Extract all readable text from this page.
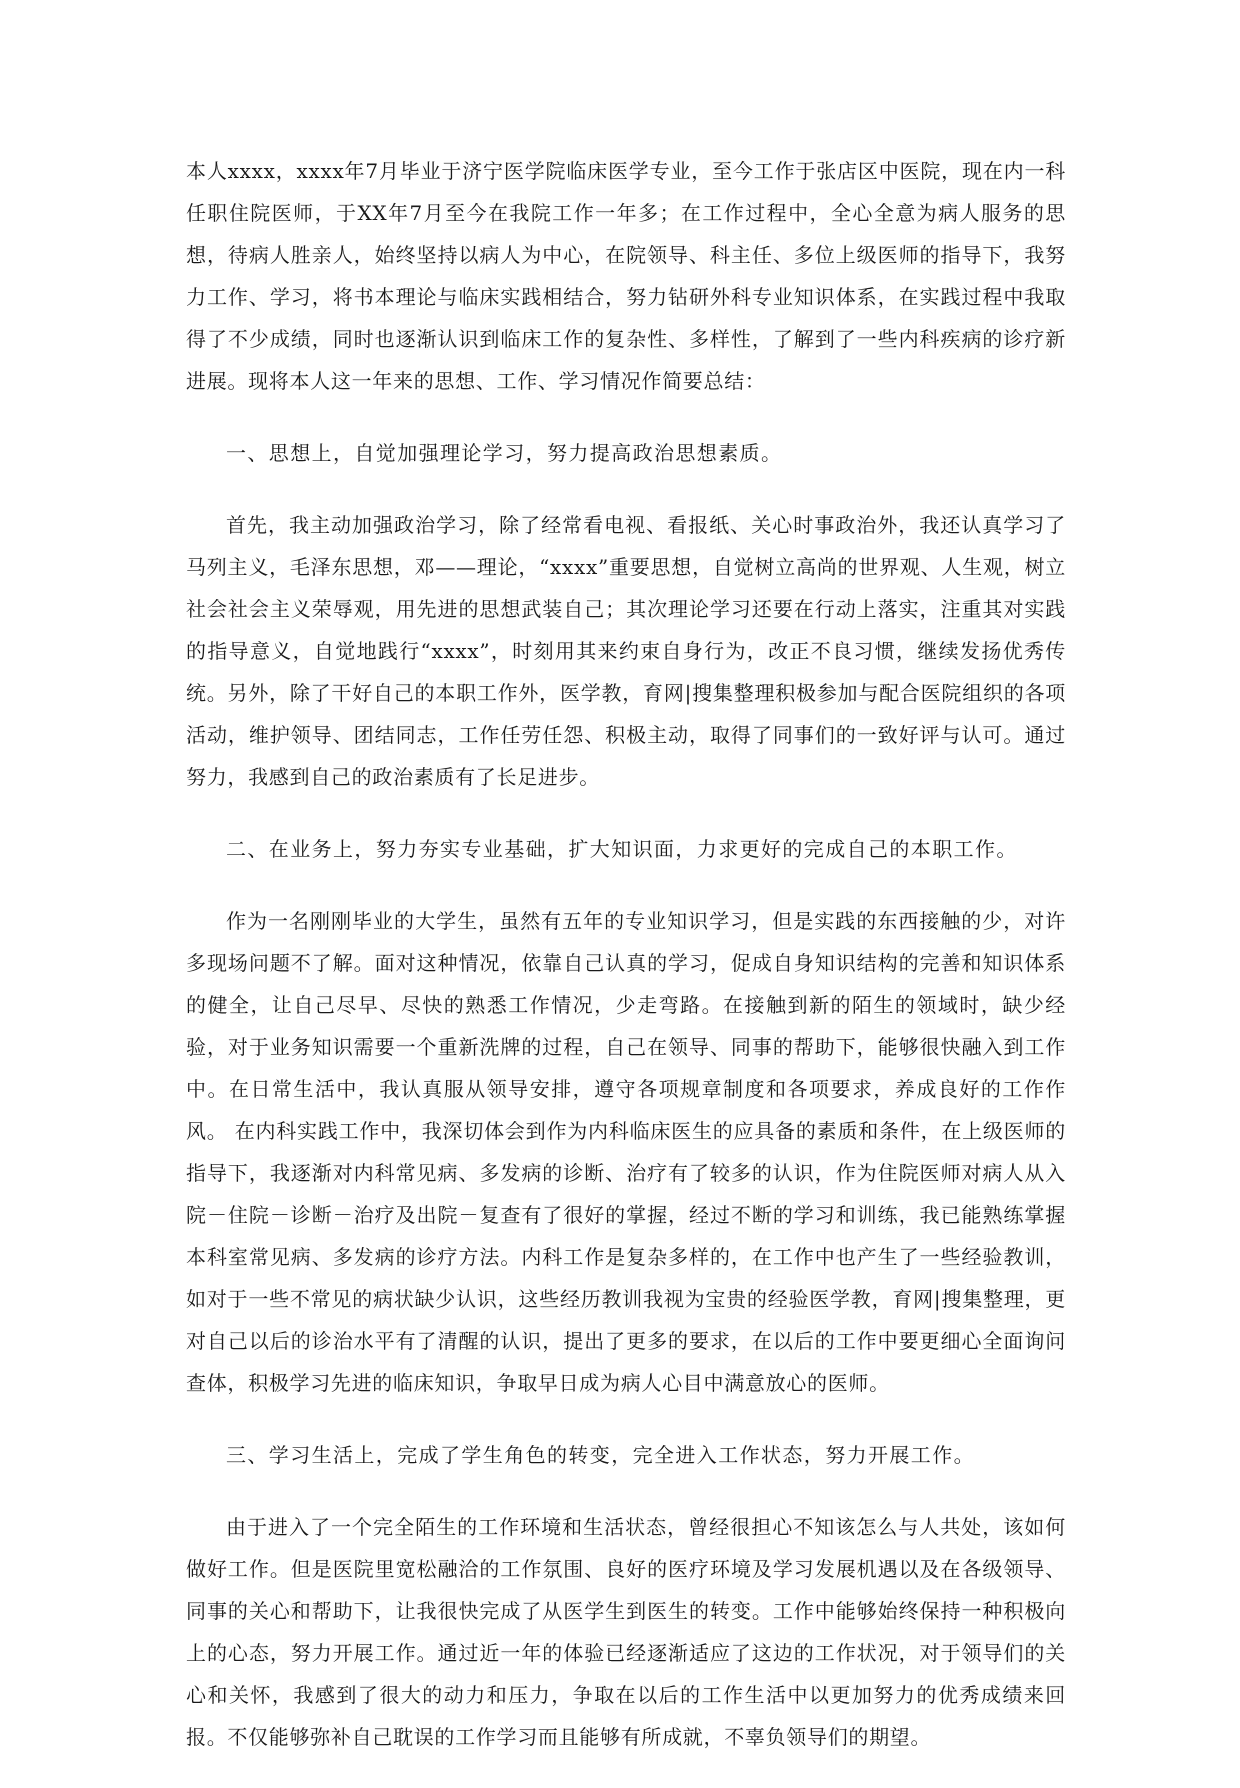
本人xxxx，xxxx年7月毕业于济宁医学院临床医学专业，至今工作于张店区中医院，现在内一科任职住院医师，于XX年7月至今在我院工作一年多；在工作过程中，全心全意为病人服务的思想，待病人胜亲人，始终坚持以病人为中心，在院领导、科主任、多位上级医师的指导下，我努力工作、学习，将书本理论与临床实践相结合，努力钻研外科专业知识体系，在实践过程中我取得了不少成绩，同时也逐渐认识到临床工作的复杂性、多样性，了解到了一些内科疾病的诊疗新进展。现将本人这一年来的思想、工作、学习情况作简要总结：

一、思想上，自觉加强理论学习，努力提高政治思想素质。

首先，我主动加强政治学习，除了经常看电视、看报纸、关心时事政治外，我还认真学习了马列主义，毛泽东思想，邓——理论，“xxxx”重要思想，自觉树立高尚的世界观、人生观，树立社会社会主义荣辱观，用先进的思想武装自己；其次理论学习还要在行动上落实，注重其对实践的指导意义，自觉地践行“xxxx”，时刻用其来约束自身行为，改正不良习惯，继续发扬优秀传统。另外，除了干好自己的本职工作外，医学教，育网|搜集整理积极参加与配合医院组织的各项活动，维护领导、团结同志，工作任劳任怨、积极主动，取得了同事们的一致好评与认可。通过努力，我感到自己的政治素质有了长足进步。

二、在业务上，努力夯实专业基础，扩大知识面，力求更好的完成自己的本职工作。

作为一名刚刚毕业的大学生，虽然有五年的专业知识学习，但是实践的东西接触的少，对许多现场问题不了解。面对这种情况，依靠自己认真的学习，促成自身知识结构的完善和知识体系的健全，让自己尽早、尽快的熟悉工作情况，少走弯路。在接触到新的陌生的领域时，缺少经验，对于业务知识需要一个重新洗牌的过程，自己在领导、同事的帮助下，能够很快融入到工作中。在日常生活中，我认真服从领导安排，遵守各项规章制度和各项要求，养成良好的工作作风。 在内科实践工作中，我深切体会到作为内科临床医生的应具备的素质和条件，在上级医师的指导下，我逐渐对内科常见病、多发病的诊断、治疗有了较多的认识，作为住院医师对病人从入院－住院－诊断－治疗及出院－复查有了很好的掌握，经过不断的学习和训练，我已能熟练掌握本科室常见病、多发病的诊疗方法。内科工作是复杂多样的，在工作中也产生了一些经验教训，如对于一些不常见的病状缺少认识，这些经历教训我视为宝贵的经验医学教，育网|搜集整理，更对自己以后的诊治水平有了清醒的认识，提出了更多的要求，在以后的工作中要更细心全面询问查体，积极学习先进的临床知识，争取早日成为病人心目中满意放心的医师。

三、学习生活上，完成了学生角色的转变，完全进入工作状态，努力开展工作。

由于进入了一个完全陌生的工作环境和生活状态，曾经很担心不知该怎么与人共处，该如何做好工作。但是医院里宽松融洽的工作氛围、良好的医疗环境及学习发展机遇以及在各级领导、同事的关心和帮助下，让我很快完成了从医学生到医生的转变。工作中能够始终保持一种积极向上的心态，努力开展工作。通过近一年的体验已经逐渐适应了这边的工作状况，对于领导们的关心和关怀，我感到了很大的动力和压力，争取在以后的工作生活中以更加努力的优秀成绩来回报。不仅能够弥补自己耽误的工作学习而且能够有所成就，不辜负领导们的期望。
